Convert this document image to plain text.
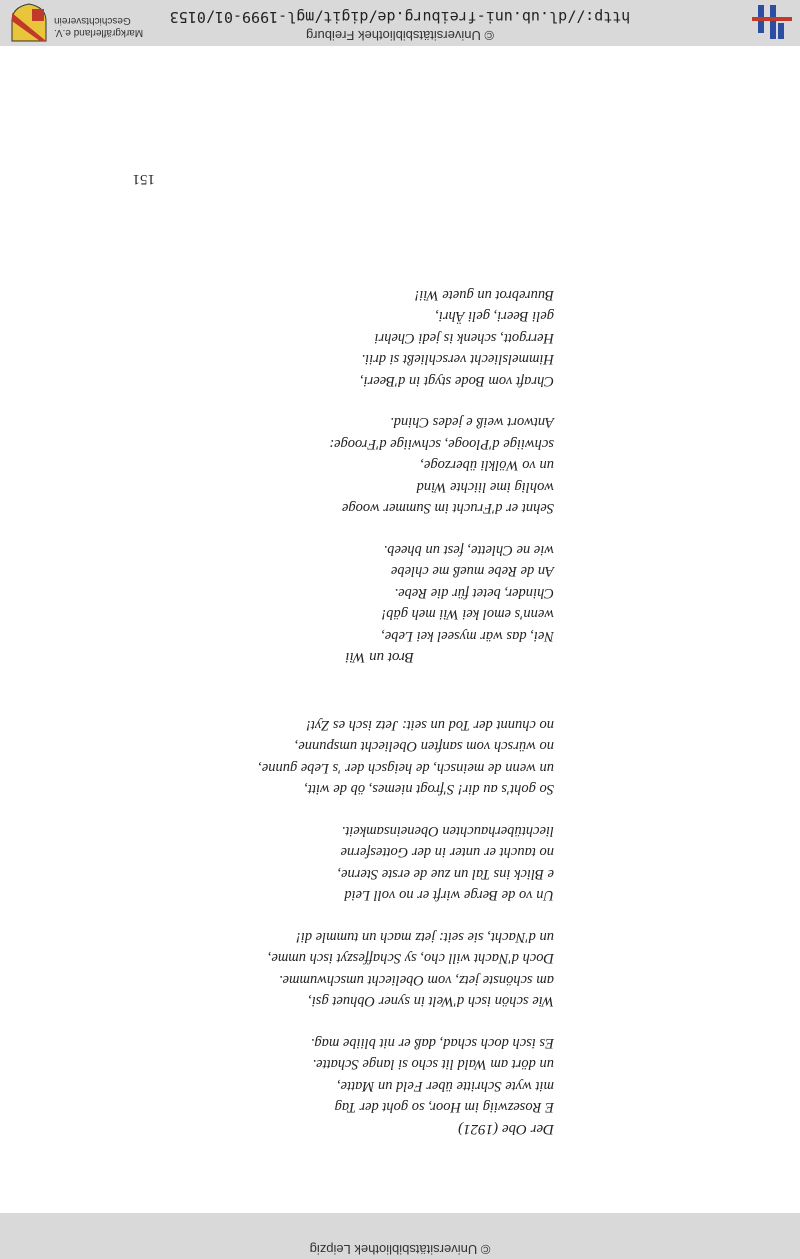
Der Obe (1921)

E Rosezwiig im Hoor, so goht der Tag

mit wyte Schritte über Feld un Matte,

un dört am Wald lit scho si lange Schatte.

Es isch doch schad, daß er nit bliibe mag.

Wie schön isch d'Welt in syner Obhuet gsi,

am schönste jetz, vom Obeliecht umschwumme.

Doch d'Nacht will cho, sy Schaffeszyt isch umme,

un d'Nacht, sie seit: jetz mach un tummle di!

Un vo de Berge wirft er no voll Leid

e Blick ins Tal un zue de erste Sterne,

no taucht er unter in der Gottesferne

liechtüberhauchten Obeneinsamkeit.

So goht's au dir! S'frogt niemes, öb de witt,

un wenn de meinsch, de heigsch der 's Lebe gunne,

no würsch vom sanften Obeliecht umspunne,

no chunnt der Tod un seit: Jetz isch es Zyt!

Brot un Wii

Nei, das wär myseel kei Lebe,

wenn's emol kei Wii meh gäb!

Chinder, betet für die Rebe.

An de Rebe mueß me chlebe

wie ne Chlette, fest un bheeb.

Sehnt er d'Frucht im Summer wooge

wohlig ime liichte Wind

un vo Wölkli überzoge,

schwiige d'Plooge, schwiige d'Frooge:

Antwort weiß e jedes Chind.

Chraft vom Bode stygt in d'Beeri,

Himmelsliecht verschließt si drii.

Herrgott, schenk is jedi Chehri

geli Beeri, geli Ähri,

Buurebrot un guete Wii!

151
© Universitätsbibliothek Leipzig
© Universitätsbibliothek Freiburg
http://dl.ub.uni-freiburg.de/digit/mgl-1999-01/0153
Markgräflerland e.V.
Geschichtsverein
